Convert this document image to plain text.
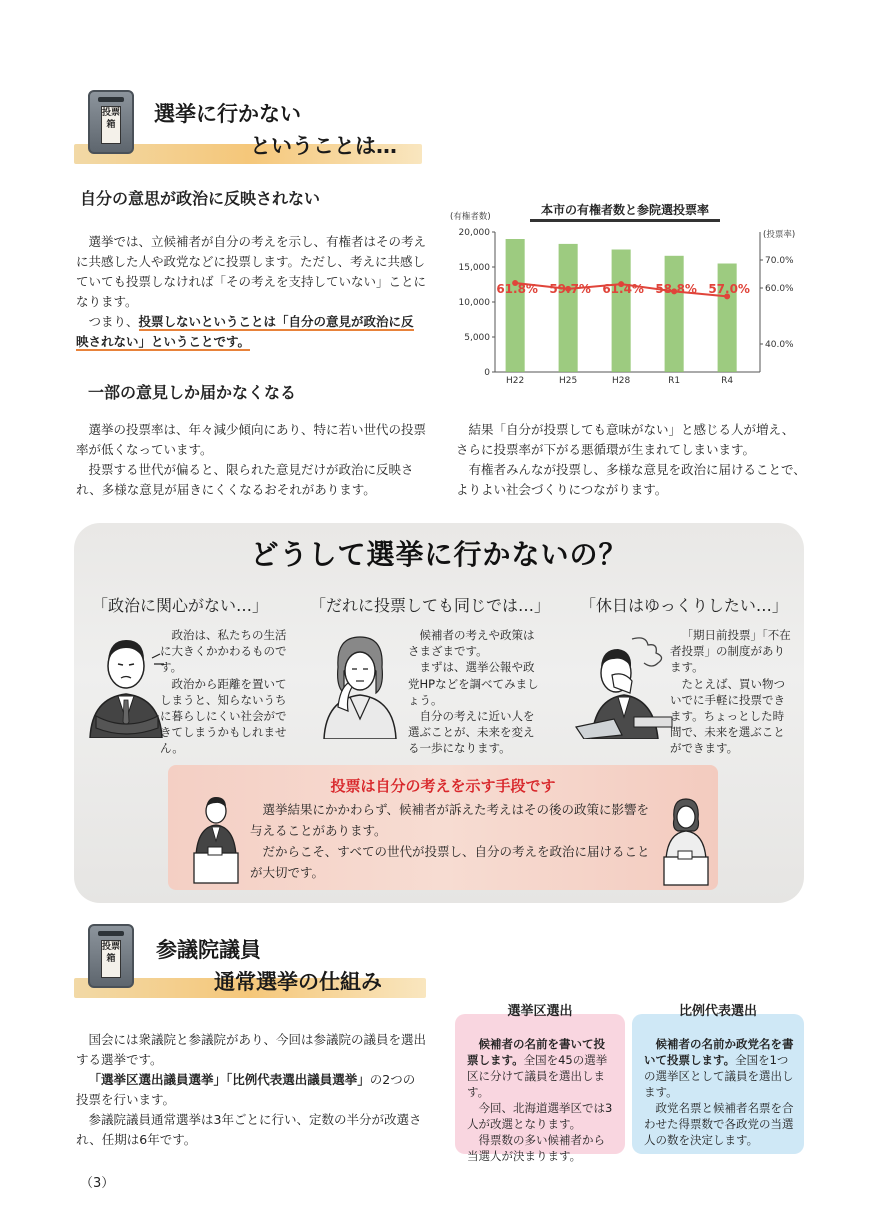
投票箱 選挙に行かない
ということは…
自分の意思が政治に反映されない

選挙では、立候補者が自分の考えを示し、有権者はその考えに共感した人や政党などに投票します。ただし、考えに共感していても投票しなければ「その考えを支持していない」ことになります。

つまり、投票しないということは「自分の意見が政治に反映されない」ということです。

一部の意見しか届かなくなる

選挙の投票率は、年々減少傾向にあり、特に若い世代の投票率が低くなっています。

投票する世代が偏ると、限られた意見だけが政治に反映され、多様な意見が届きにくくなるおそれがあります。

本市の有権者数と参院選投票率
(有権者数)
(投票率)
0
5,000
10,000
15,000
20,000
40.0%
60.0%
70.0%
H22	H25	H28	R1	R4
61.8% 59.7% 61.4% 58.8% 57.0%

結果「自分が投票しても意味がない」と感じる人が増え、さらに投票率が下がる悪循環が生まれてしまいます。

有権者みんなが投票し、多様な意見を政治に届けることで、よりよい社会づくりにつながります。

どうして選挙に行かないの？
「政治に関心がない…」

政治は、私たちの生活に大きくかかわるものです。

政治から距離を置いてしまうと、知らないうちに暮らしにくい社会ができてしまうかもしれません。

「だれに投票しても同じでは…」

候補者の考えや政策はさまざまです。

まずは、選挙公報や政党HPなどを調べてみましょう。

自分の考えに近い人を選ぶことが、未来を変える一歩になります。

「休日はゆっくりしたい…」

「期日前投票」「不在者投票」の制度があります。

たとえば、買い物ついでに手軽に投票できます。ちょっとした時間で、未来を選ぶことができます。

投票は自分の考えを示す手段です

選挙結果にかかわらず、候補者が訴えた考えはその後の政策に影響を与えることがあります。

だからこそ、すべての世代が投票し、自分の考えを政治に届けることが大切です。

投票箱 参議院議員
通常選挙の仕組み

国会には衆議院と参議院があり、今回は参議院の議員を選出する選挙です。

「選挙区選出議員選挙」「比例代表選出議員選挙」の2つの投票を行います。

参議院議員通常選挙は3年ごとに行い、定数の半分が改選され、任期は6年です。

選挙区選出

候補者の名前を書いて投票します。全国を45の選挙区に分けて議員を選出します。

今回、北海道選挙区では3人が改選となります。

得票数の多い候補者から当選人が決まります。

比例代表選出

候補者の名前か政党名を書いて投票します。全国を1つの選挙区として議員を選出します。

政党名票と候補者名票を合わせた得票数で各政党の当選人の数を決定します。

（3）
